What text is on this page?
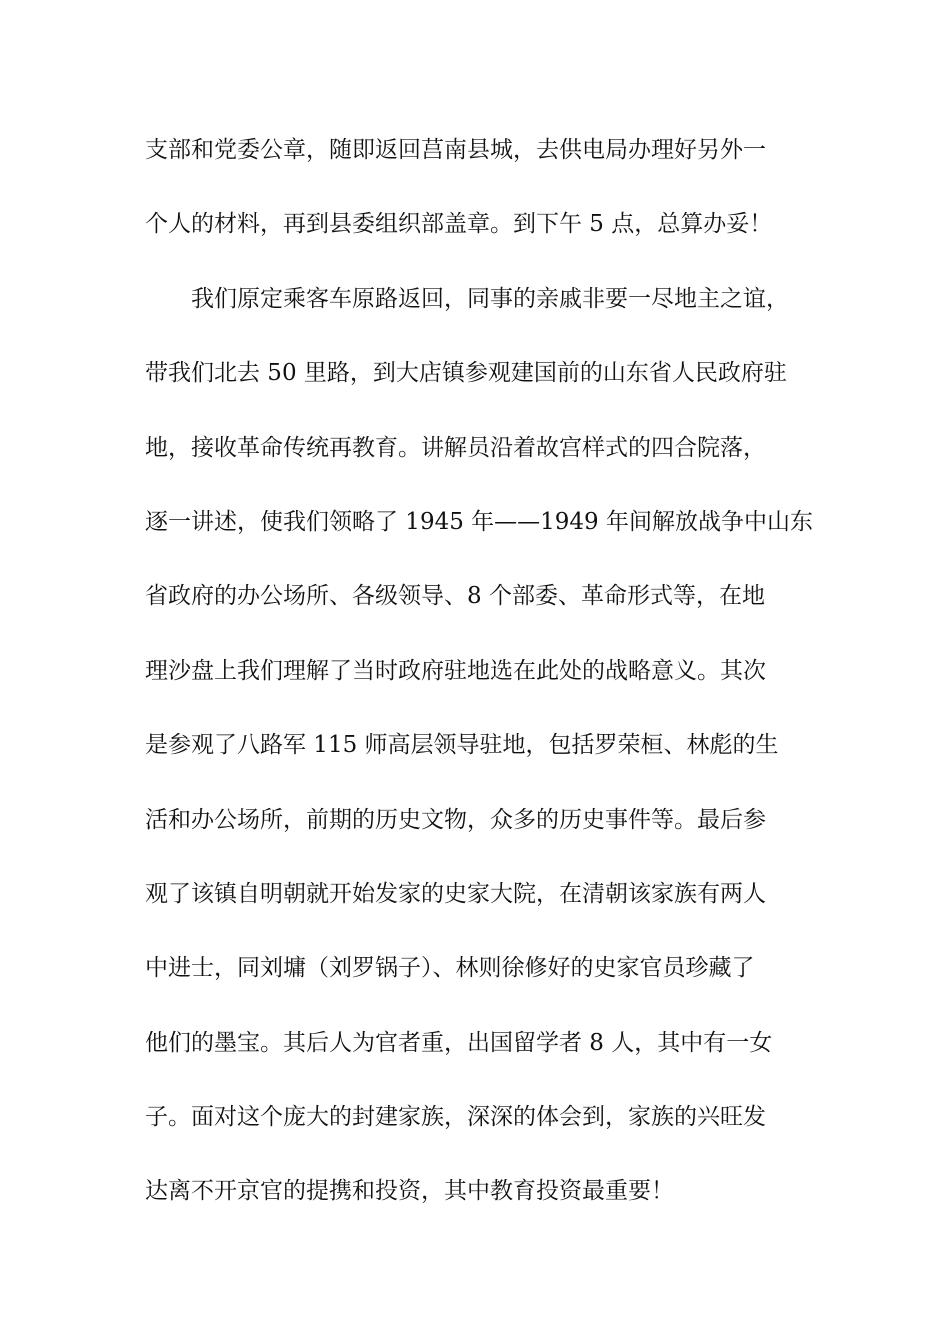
支部和党委公章，随即返回莒南县城，去供电局办理好另外一
个人的材料，再到县委组织部盖章。到下午 5 点，总算办妥！
我们原定乘客车原路返回，同事的亲戚非要一尽地主之谊，
带我们北去 50 里路，到大店镇参观建国前的山东省人民政府驻
地，接收革命传统再教育。讲解员沿着故宫样式的四合院落，
逐一讲述，使我们领略了 1945 年——1949 年间解放战争中山东
省政府的办公场所、各级领导、8 个部委、革命形式等，在地
理沙盘上我们理解了当时政府驻地选在此处的战略意义。其次
是参观了八路军 115 师高层领导驻地，包括罗荣桓、林彪的生
活和办公场所，前期的历史文物，众多的历史事件等。最后参
观了该镇自明朝就开始发家的史家大院，在清朝该家族有两人
中进士，同刘墉（刘罗锅子）、林则徐修好的史家官员珍藏了
他们的墨宝。其后人为官者重，出国留学者 8 人，其中有一女
子。面对这个庞大的封建家族，深深的体会到，家族的兴旺发
达离不开京官的提携和投资，其中教育投资最重要！
